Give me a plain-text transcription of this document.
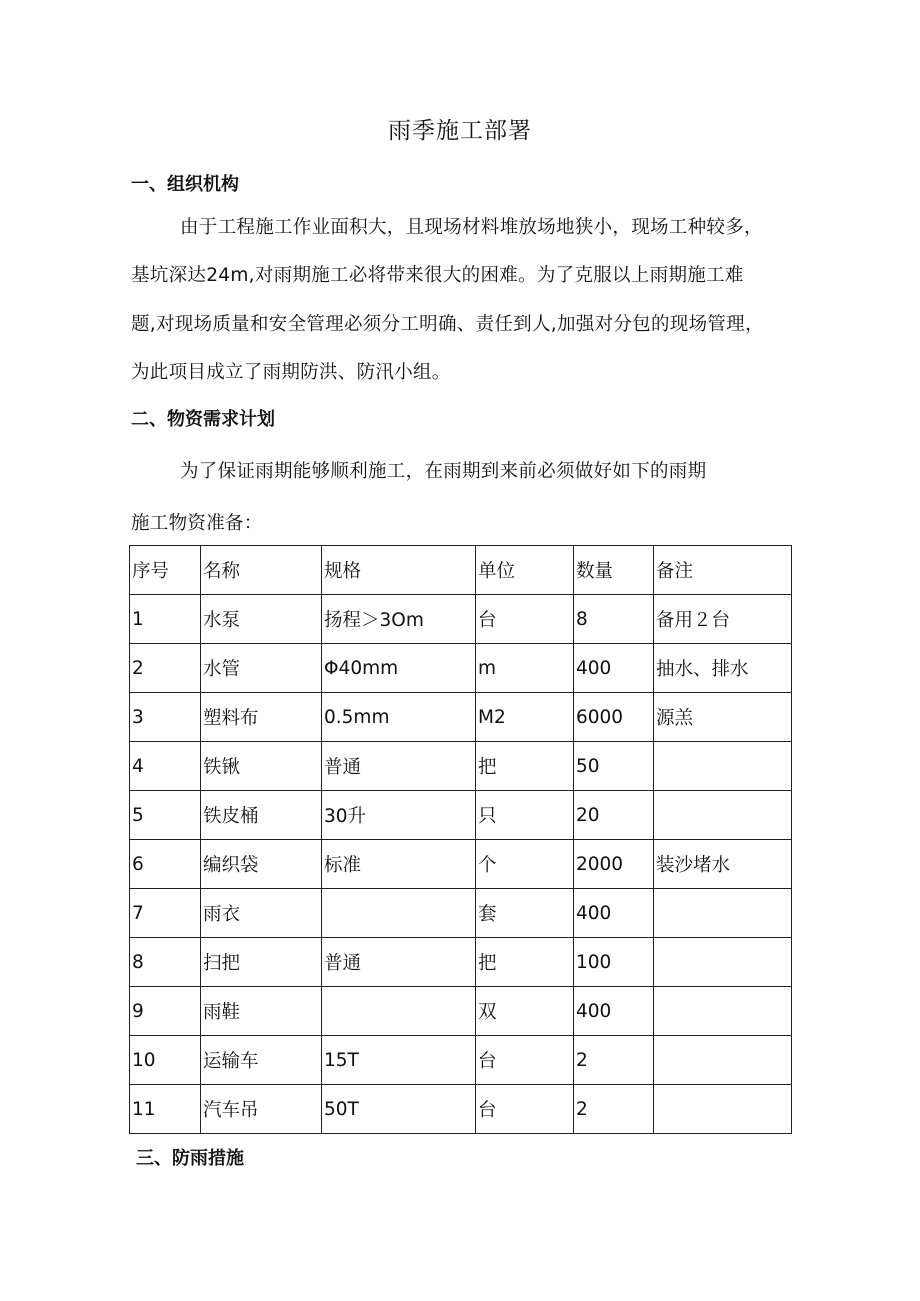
雨季施工部署
一、组织机构
由于工程施工作业面积大，且现场材料堆放场地狭小，现场工种较多，
基坑深达24m,对雨期施工必将带来很大的困难。为了克服以上雨期施工难
题,对现场质量和安全管理必须分工明确、责任到人,加强对分包的现场管理，
为此项目成立了雨期防洪、防汛小组。
二、物资需求计划
为了保证雨期能够顺利施工，在雨期到来前必须做好如下的雨期
施工物资准备：
序号	名称	规格	单位	数量	备注
1	水泵	扬程＞3Om	台	8	备用２台
2	水管	Φ40mm	m	400	抽水、排水
3	塑料布	0.5mm	M2	6000	源羔
4	铁锹	普通	把	50	
5	铁皮桶	30升	只	20	
6	编织袋	标准	个	2000	装沙堵水
7	雨衣		套	400	
8	扫把	普通	把	100	
9	雨鞋		双	400	
10	运输车	15T	台	2	
11	汽车吊	50T	台	2	
三、防雨措施
